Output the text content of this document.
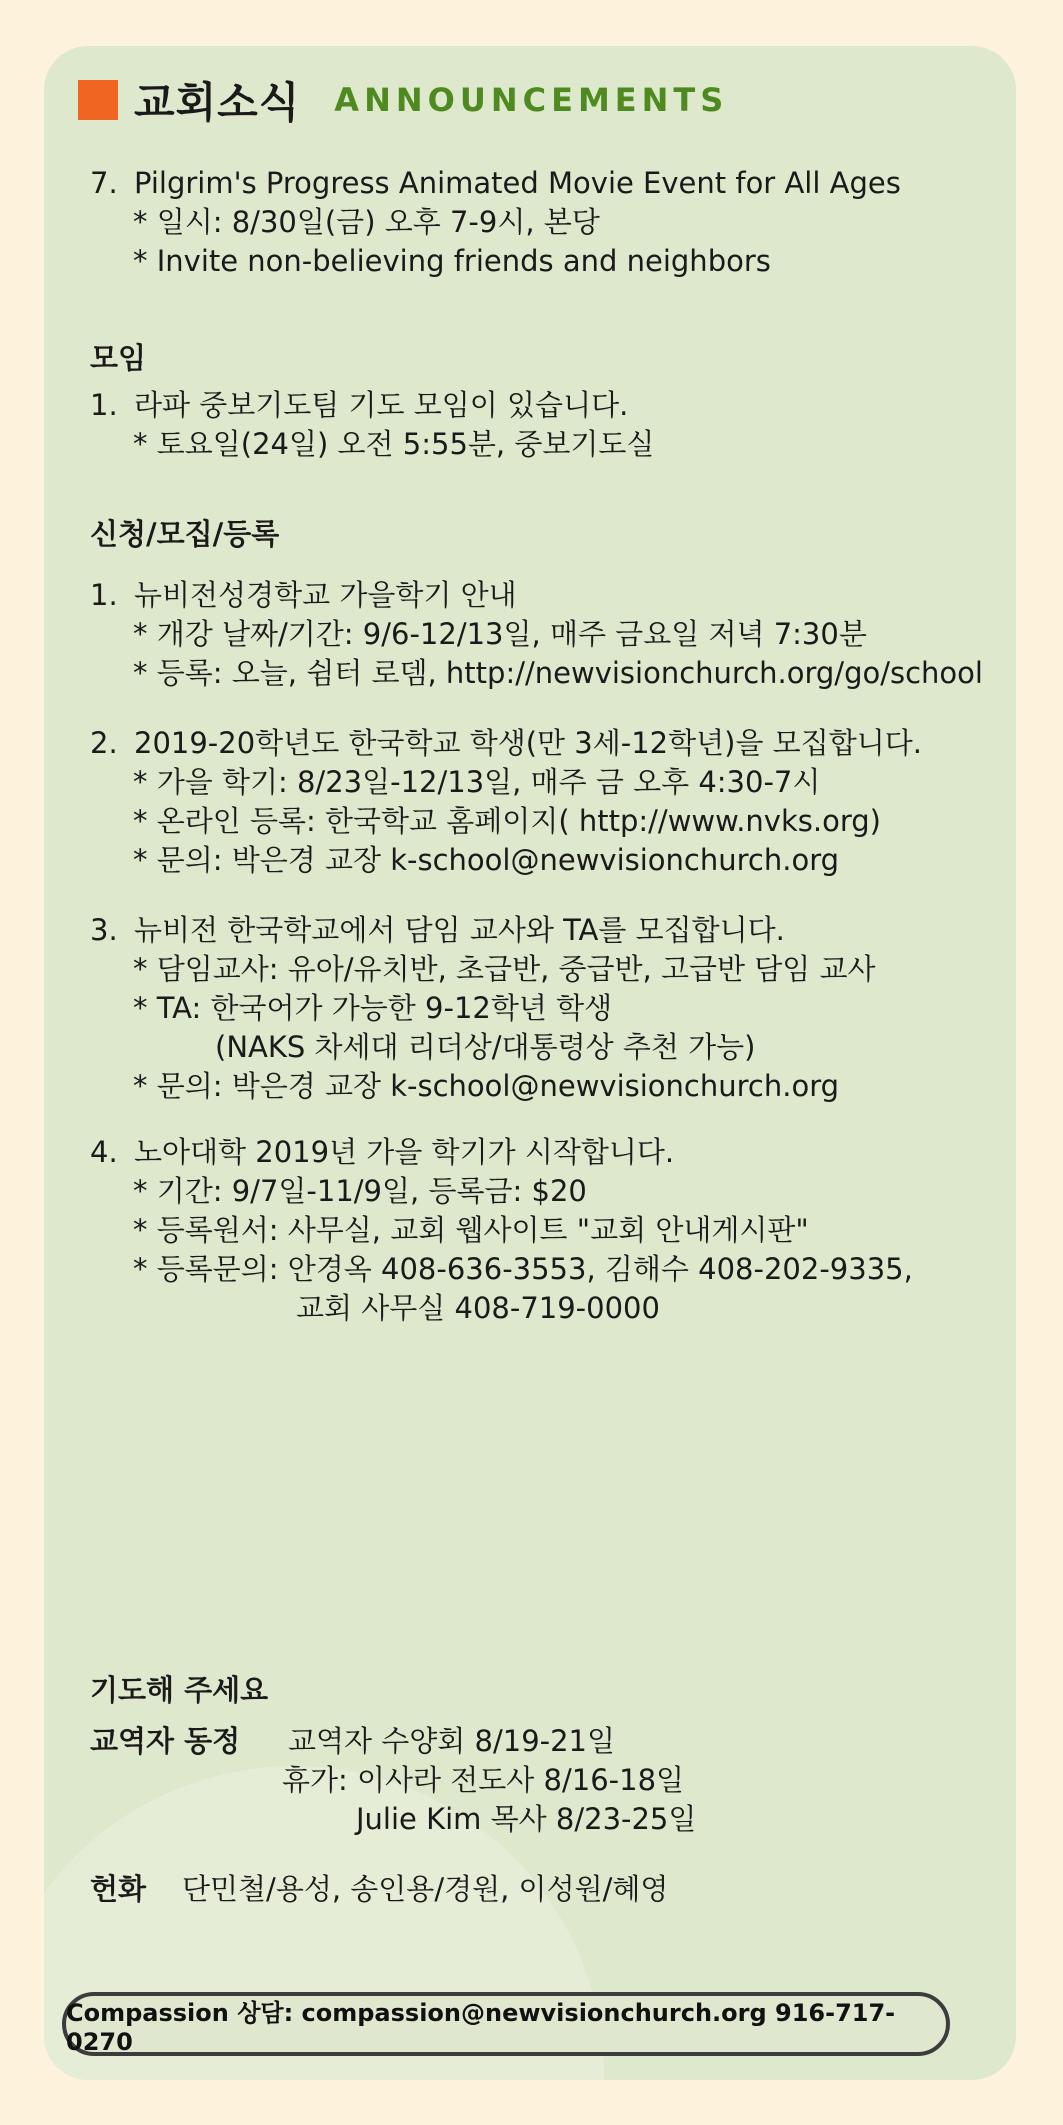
교회소식 ANNOUNCEMENTS
7. Pilgrim's Progress Animated Movie Event for All Ages
* 일시: 8/30일(금) 오후 7-9시, 본당
* Invite non-believing friends and neighbors
모임
1. 라파 중보기도팀 기도 모임이 있습니다.
* 토요일(24일) 오전 5:55분, 중보기도실
신청/모집/등록
1. 뉴비전성경학교 가을학기 안내
* 개강 날짜/기간: 9/6-12/13일, 매주 금요일 저녁 7:30분
* 등록: 오늘, 쉼터 로뎀, http://newvisionchurch.org/go/school
2. 2019-20학년도 한국학교 학생(만 3세-12학년)을 모집합니다.
* 가을 학기: 8/23일-12/13일, 매주 금 오후 4:30-7시
* 온라인 등록: 한국학교 홈페이지( http://www.nvks.org)
* 문의: 박은경 교장 k-school@newvisionchurch.org
3. 뉴비전 한국학교에서 담임 교사와 TA를 모집합니다.
* 담임교사: 유아/유치반, 초급반, 중급반, 고급반 담임 교사
* TA: 한국어가 가능한 9-12학년 학생
(NAKS 차세대 리더상/대통령상 추천 가능)
* 문의: 박은경 교장 k-school@newvisionchurch.org
4. 노아대학 2019년 가을 학기가 시작합니다.
* 기간: 9/7일-11/9일, 등록금: $20
* 등록원서: 사무실, 교회 웹사이트 "교회 안내게시판"
* 등록문의: 안경옥 408-636-3553, 김해수 408-202-9335,
교회 사무실 408-719-0000
기도해 주세요
교역자 동정 교역자 수양회 8/19-21일
휴가: 이사라 전도사 8/16-18일
Julie Kim 목사 8/23-25일
헌화 단민철/용성, 송인용/경원, 이성원/혜영
Compassion 상담: compassion@newvisionchurch.org 916-717-0270
